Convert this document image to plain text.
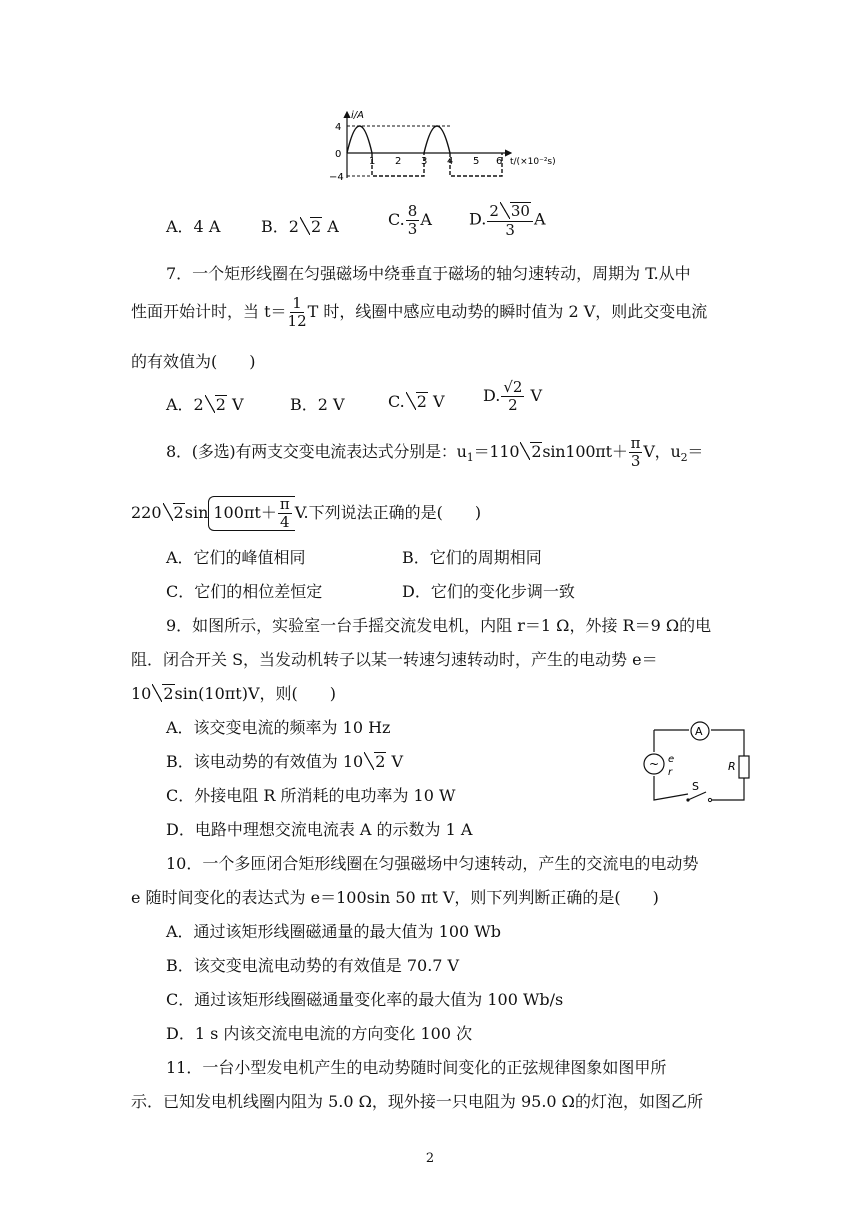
i/A
4
0
−4
1 2 3 4 5 6 t/(×10⁻²s)
A．4 A	B．2 2 A	C. $\frac{8}{3}$ A D. $\frac{2 30}{3}$ A
7．一个矩形线圈在匀强磁场中绕垂直于磁场的轴匀速转动，周期为 T.从中
性面开始计时，当 $t= \frac{1}{12}$ T 时，线圈中感应电动势的瞬时值为 2 V，则此交变电流
的有效值为(　　)
A．2 2 V	B．2 V	C. 2 V D. $\frac{√2}{2}$ V
8．(多选)有两支交变电流表达式分别是：$u_1=110$ $2\sin 100\pi t+ \frac{\pi}{3}$ V，$u_2=$
220 2sin $100\pi t+ \frac{\pi}{4} V$.下列说法正确的是(　　)
A．它们的峰值相同	B．它们的周期相同
C．它们的相位差恒定	D．它们的变化步调一致
9．如图所示，实验室一台手摇交流发电机，内阻 r＝1 Ω，外接 R＝9 Ω的电
阻．闭合开关 S，当发动机转子以某一转速匀速转动时，产生的电动势 e＝
10 2sin(10πt)V，则(　　)
A．该交变电流的频率为 10 Hz
B．该电动势的有效值为 10 2 V
C．外接电阻 R 所消耗的电功率为 10 W
D．电路中理想交流电流表 A 的示数为 1 A
A
~ e
r	R
S
10．一个多匝闭合矩形线圈在匀强磁场中匀速转动，产生的交流电的电动势
e 随时间变化的表达式为 e＝100sin 50 πt V，则下列判断正确的是(　　)
A．通过该矩形线圈磁通量的最大值为 100 Wb
B．该交变电流电动势的有效值是 70.7 V
C．通过该矩形线圈磁通量变化率的最大值为 100 Wb/s
D．1 s 内该交流电电流的方向变化 100 次
11．一台小型发电机产生的电动势随时间变化的正弦规律图象如图甲所
示．已知发电机线圈内阻为 5.0 Ω，现外接一只电阻为 95.0 Ω的灯泡，如图乙所
2
